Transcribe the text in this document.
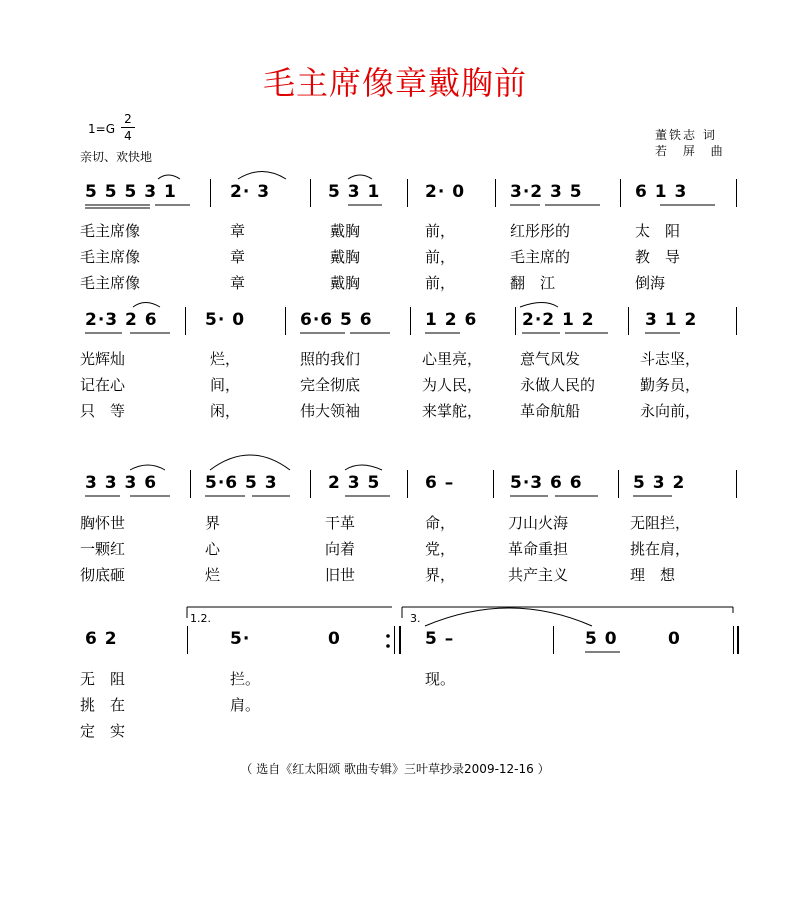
毛主席像章戴胸前
1=G
2
4
亲切、欢快地
董铁志 词
若 屏 曲
5 5 5 3 1	2· 3	5 3 1	2· 0	3·2 3 5	6 1 3
毛主席像	章	戴胸	前，	红彤彤的	太　阳
毛主席像	章	戴胸	前，	毛主席的	教　导
毛主席像	章	戴胸	前，	翻　江	倒海
2·3 2 6	5· 0	6·6 5 6	1 2 6	2·2 1 2	3 1 2
光辉灿	烂，	照的我们	心里亮，	意气风发	斗志坚，
记在心	间，	完全彻底	为人民，	永做人民的	勤务员，
只　等	闲，	伟大领袖	来掌舵，	革命航船	永向前，
3 3 3 6	5·6 5 3	2 3 5	6 –	5·3 6 6	5 3 2
胸怀世	界	干革	命，	刀山火海	无阻拦，
一颗红	心	向着	党，	革命重担	挑在肩，
彻底砸	烂	旧世	界，	共产主义	理　想
1.2.	3.
6 2	5·	0	5 –	5 0	0
无　阻	拦。	现。
挑　在	肩。
定　实
（ 选自《红太阳颂 歌曲专辑》三叶草抄录2009-12-16 ）
